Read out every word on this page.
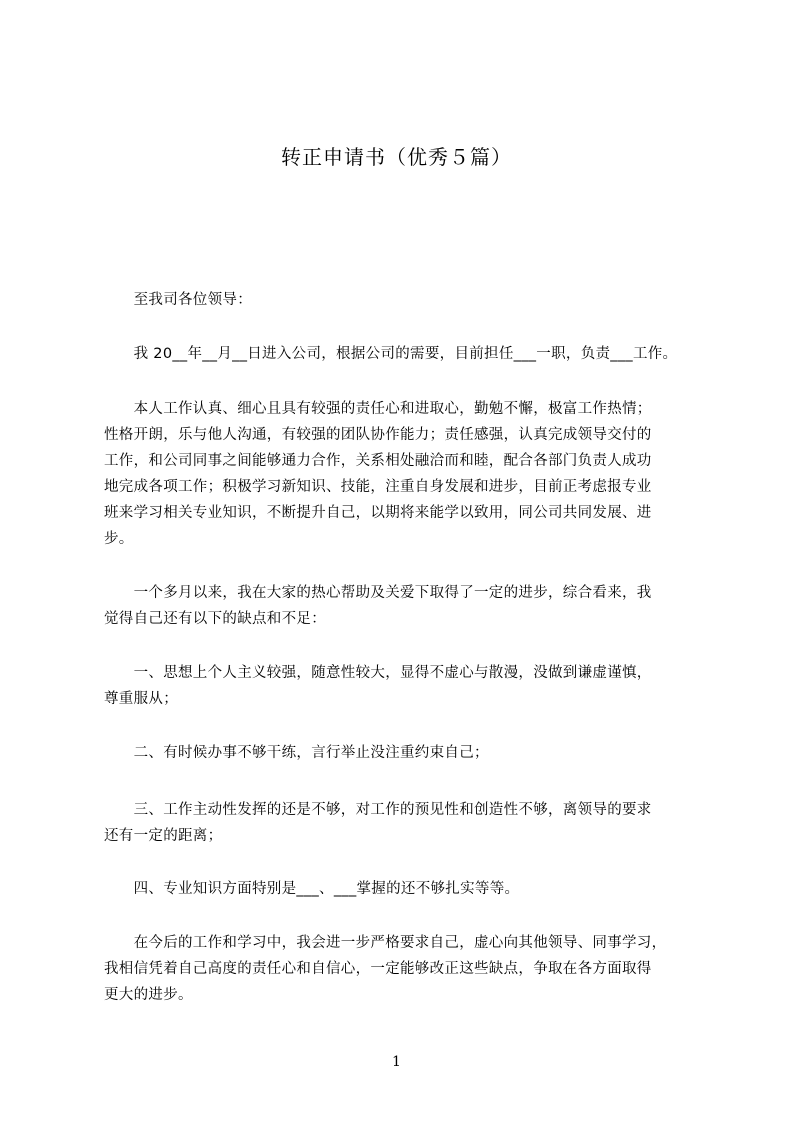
转正申请书（优秀５篇）
　　至我司各位领导：
　　我 20__年__月__日进入公司，根据公司的需要，目前担任___一职，负责___工作。
　　本人工作认真、细心且具有较强的责任心和进取心，勤勉不懈，极富工作热情；
性格开朗，乐与他人沟通，有较强的团队协作能力；责任感强，认真完成领导交付的
工作，和公司同事之间能够通力合作，关系相处融洽而和睦，配合各部门负责人成功
地完成各项工作；积极学习新知识、技能，注重自身发展和进步，目前正考虑报专业
班来学习相关专业知识，不断提升自己，以期将来能学以致用，同公司共同发展、进
步。
　　一个多月以来，我在大家的热心帮助及关爱下取得了一定的进步，综合看来，我
觉得自己还有以下的缺点和不足：
　　一、思想上个人主义较强，随意性较大，显得不虚心与散漫，没做到谦虚谨慎，
尊重服从；
　　二、有时候办事不够干练，言行举止没注重约束自己；
　　三、工作主动性发挥的还是不够，对工作的预见性和创造性不够，离领导的要求
还有一定的距离；
　　四、专业知识方面特别是___、___掌握的还不够扎实等等。
　　在今后的工作和学习中，我会进一步严格要求自己，虚心向其他领导、同事学习，
我相信凭着自己高度的责任心和自信心，一定能够改正这些缺点，争取在各方面取得
更大的进步。
1
